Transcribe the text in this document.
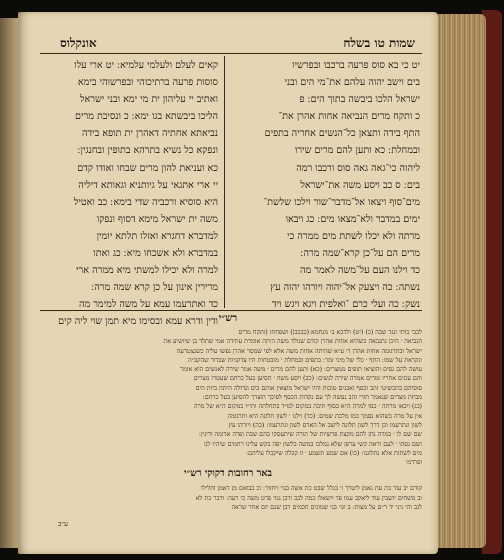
שמות טו בשלח
אונקלוס
יט כי בא סוס פרעה ברכבו ובפרשיו
בים וישב יהוה עלהם את־מי הים ובני
ישראל הלכו ביבשה בתוך הים ׃ פ
כ ותקח מרים הנביאה אחות אהרן את־
התף בידה ותצאן כל־הנשים אחריה בתפים
ובמחלת ׃ כא ותען להם מרים שירו
ליהוה כי־גאה גאה סוס ורכבו רמה
בים ׃ ס כב ויסע משה את־ישראל
מים־סוף ויצאו אל־מדבר־שור וילכו שלשת־
ימים במדבר ולא־מצאו מים ׃ כג ויבאו
מרתה ולא יכלו לשתת מים ממרה כי
מרים הם על־כן קרא־שמה מרה ׃
כד וילנו העם על־משה לאמר מה
נשתה ׃ כה ויצעק אל־יהוה ויורהו יהוה עץ
נשק ׃ כה ועלי כרם ־ואלפית ויגא ויגש ויד
קאים לעלם ולעלמי עלמיא ׃ יט ארי עלו
סוסות פרעה ברתיכוהי ובפרשוהי בימא
ואתיב יי עליהון ית מי ימא ובני ישראל
הליכו ביבשתא בגו ימא ׃ כ ונסיבת מרים
נביאתא אחתיה דאהרן ית תופא בידה
ונפקא כל נשיא בתרהא בתופין ובחנגין ׃
כא ועניאת להון מרים שבחו ואודו קדם
יי ארי אתגאי על גיותניא וגאותא דיליה
היא סוסיא ורכביה שדי בימא ׃ כב ואטיל
משה ית ישראל מימא דסוף ונפקו
למדברא דחגרא ואזלו תלתא יומין
במדברא ולא אשכחו מיא ׃ כג ואתו
למרה ולא יכילו למשתי מיא ממרה ארי
מרירין אינון על כן קרא שמה מרה ׃
כד ואתרעמו עמא על משה למימר מה
ודין ודרא עמא ובסימו מיא תמן שוי ליה קים רש״י
לבבי בותי ונגד שבה (כ) (יט) ולדבא ב׳ מנחמא (כבכבן) ושפחתו (ותקח מרים
הנביאה ׳ היכן נתנבאה כשהיא אחות אהרן קודם שנולד משה היתה אומרת עתידה אמי שתלד בן שיושיע את
ישראל ובתרגומה אחות אהרן ד׳ ע״א שהיתה אחות משה אלא לפי שמסר אהרן נפשו עליה כשנצטרעה
ונקראת על שמו ׃ התף ׳ כלי של מיני זמר ׃ בתפים ובמחלת ׳ מובטחות היו צדקניות שבדור שהקב״ה
עושה להם נסים והוציאו תופים ממצרים ׃ (כא) ותען להם מרים ׳ משה אמר שירה לאנשים הוא אומר
והם עונים אחריו ומרים אמרה שירה לנשים ׃ (כב) ויסע משה ׳ הסיען בעל כרחם שעטרו מצרים
סוסיהם בתכשיטי זהב וכסף ואבנים טובות והיו ישראל מוצאין אותם בים וגדולה היתה ביזת הים
מביזת מצרים שנאמר תורי זהב נעשה לך עם נקדות הכסף לפיכך הוצרך להסיען בעל כרחם ׃
(כג) ויבאו מרתה ׳ כמו למרה ה״א בסוף תיבה במקום למ״ד בתחלתה ותי״ו במקום ה״א של מרה
אין על מרה כשהוא נסמך כמו מלכת שמים ׃ (כד) וילנו ׳ לשון תלונה היא ותרגומה
לשון ונתרעמו וכן דרך לשון תלונה לישב אל האדם לשון ונתרעמו ׃ (כה) ויורהו עץ
שם שם לו ׳ במרה נתן להם מקצת פרשיות של תורה שיתעסקו בהם שבת ופרה אדומה ודינין ׃
ושם נסהו ׳ לעם וראה קשי ערפן שלא נמלכו במשה בלשון יפה בקש עלינו רחמים שיהיו לנו
מים לשתות אלא נתלוננו ׃ (כו) אם שמע תשמע ׳ זו קבלה שיקבלו עליהם ׃
ופרדמ׳
באר רחובות דקוקי רש״י
קודם יב עוד כת עת נאמן ליטרך ו׳ בגלל שבט כת אשה בגוי ויחזור ׃ וכ בבואם מן דאמן וחלילו
וב משחים יושבין עוד ליאקב עמו פד וישאלו כמה לבב ורבן נגזי פרט משה כי רעה ׃ ודבר כת לא
לנב והי ניני יד ר״ם על מצות ׃ ב וגו׳ בני שמונים חכמים רבן שגם יום אחר שראה
ע״ב
